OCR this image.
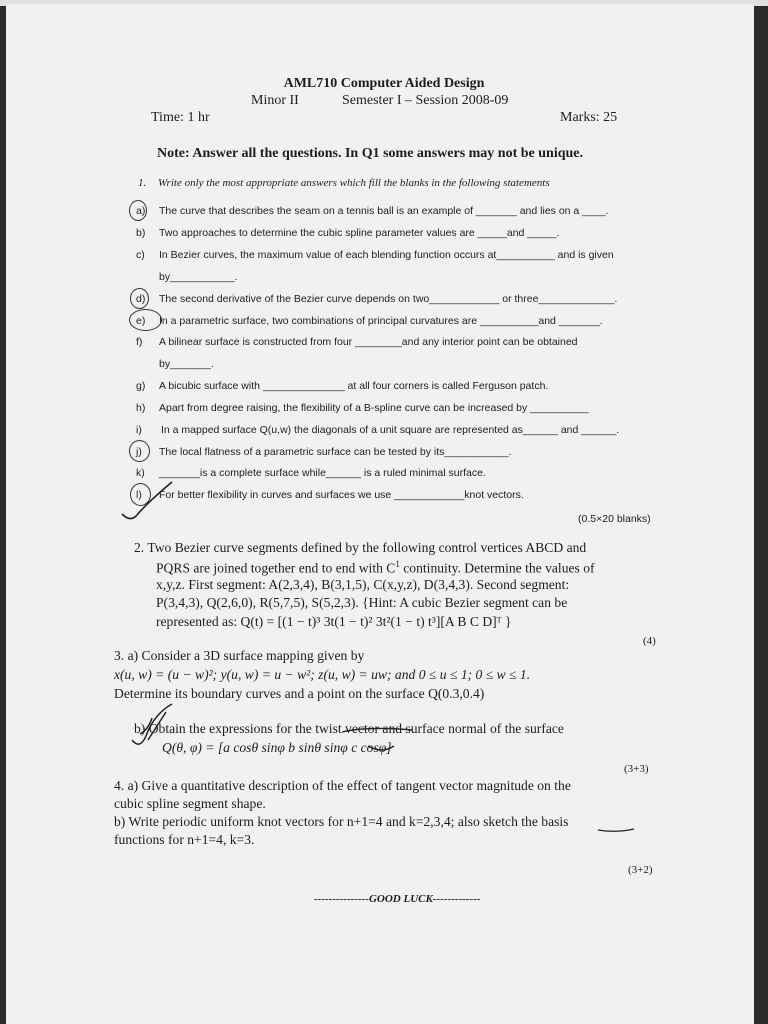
AML710 Computer Aided Design
Minor II	Semester I – Session 2008-09
Time: 1 hr	Marks: 25
Note: Answer all the questions. In Q1 some answers may not be unique.
1. Write only the most appropriate answers which fill the blanks in the following statements
a) The curve that describes the seam on a tennis ball is an example of _______ and lies on a ____.
b) Two approaches to determine the cubic spline parameter values are _____and _____.
c) In Bezier curves, the maximum value of each blending function occurs at__________ and is given
by___________.
d) The second derivative of the Bezier curve depends on two____________ or three_____________.
e) In a parametric surface, two combinations of principal curvatures are __________and _______.
f) A bilinear surface is constructed from four ________and any interior point can be obtained
by_______.
g) A bicubic surface with ______________ at all four corners is called Ferguson patch.
h) Apart from degree raising, the flexibility of a B-spline curve can be increased by __________
i) In a mapped surface Q(u,w) the diagonals of a unit square are represented as______ and ______.
j) The local flatness of a parametric surface can be tested by its___________.
k) _______is a complete surface while______ is a ruled minimal surface.
l) For better flexibility in curves and surfaces we use ____________knot vectors.
(0.5×20 blanks)
2. Two Bezier curve segments defined by the following control vertices ABCD and
PQRS are joined together end to end with $C^1$ continuity. Determine the values of
x,y,z. First segment: A(2,3,4), B(3,1,5), C(x,y,z), D(3,4,3). Second segment:
P(3,4,3), Q(2,6,0), R(5,7,5), S(5,2,3). {Hint: A cubic Bezier segment can be
represented as: Q(t) = [(1 − t)³ 3t(1 − t)² 3t²(1 − t) t³][A B C D]ᵀ }
(4)
3. a) Consider a 3D surface mapping given by
x(u, w) = (u − w)²; y(u, w) = u − w²; z(u, w) = uw; and 0 ≤ u ≤ 1; 0 ≤ w ≤ 1.
Determine its boundary curves and a point on the surface Q(0.3,0.4)
b) Obtain the expressions for the twist vector and surface normal of the surface
Q(θ, φ) = [a cosθ sinφ b sinθ sinφ c cosφ]
(3+3)
4. a) Give a quantitative description of the effect of tangent vector magnitude on the
cubic spline segment shape.
b) Write periodic uniform knot vectors for n+1=4 and k=2,3,4; also sketch the basis
functions for n+1=4, k=3.
(3+2)
---------------GOOD LUCK-------------
